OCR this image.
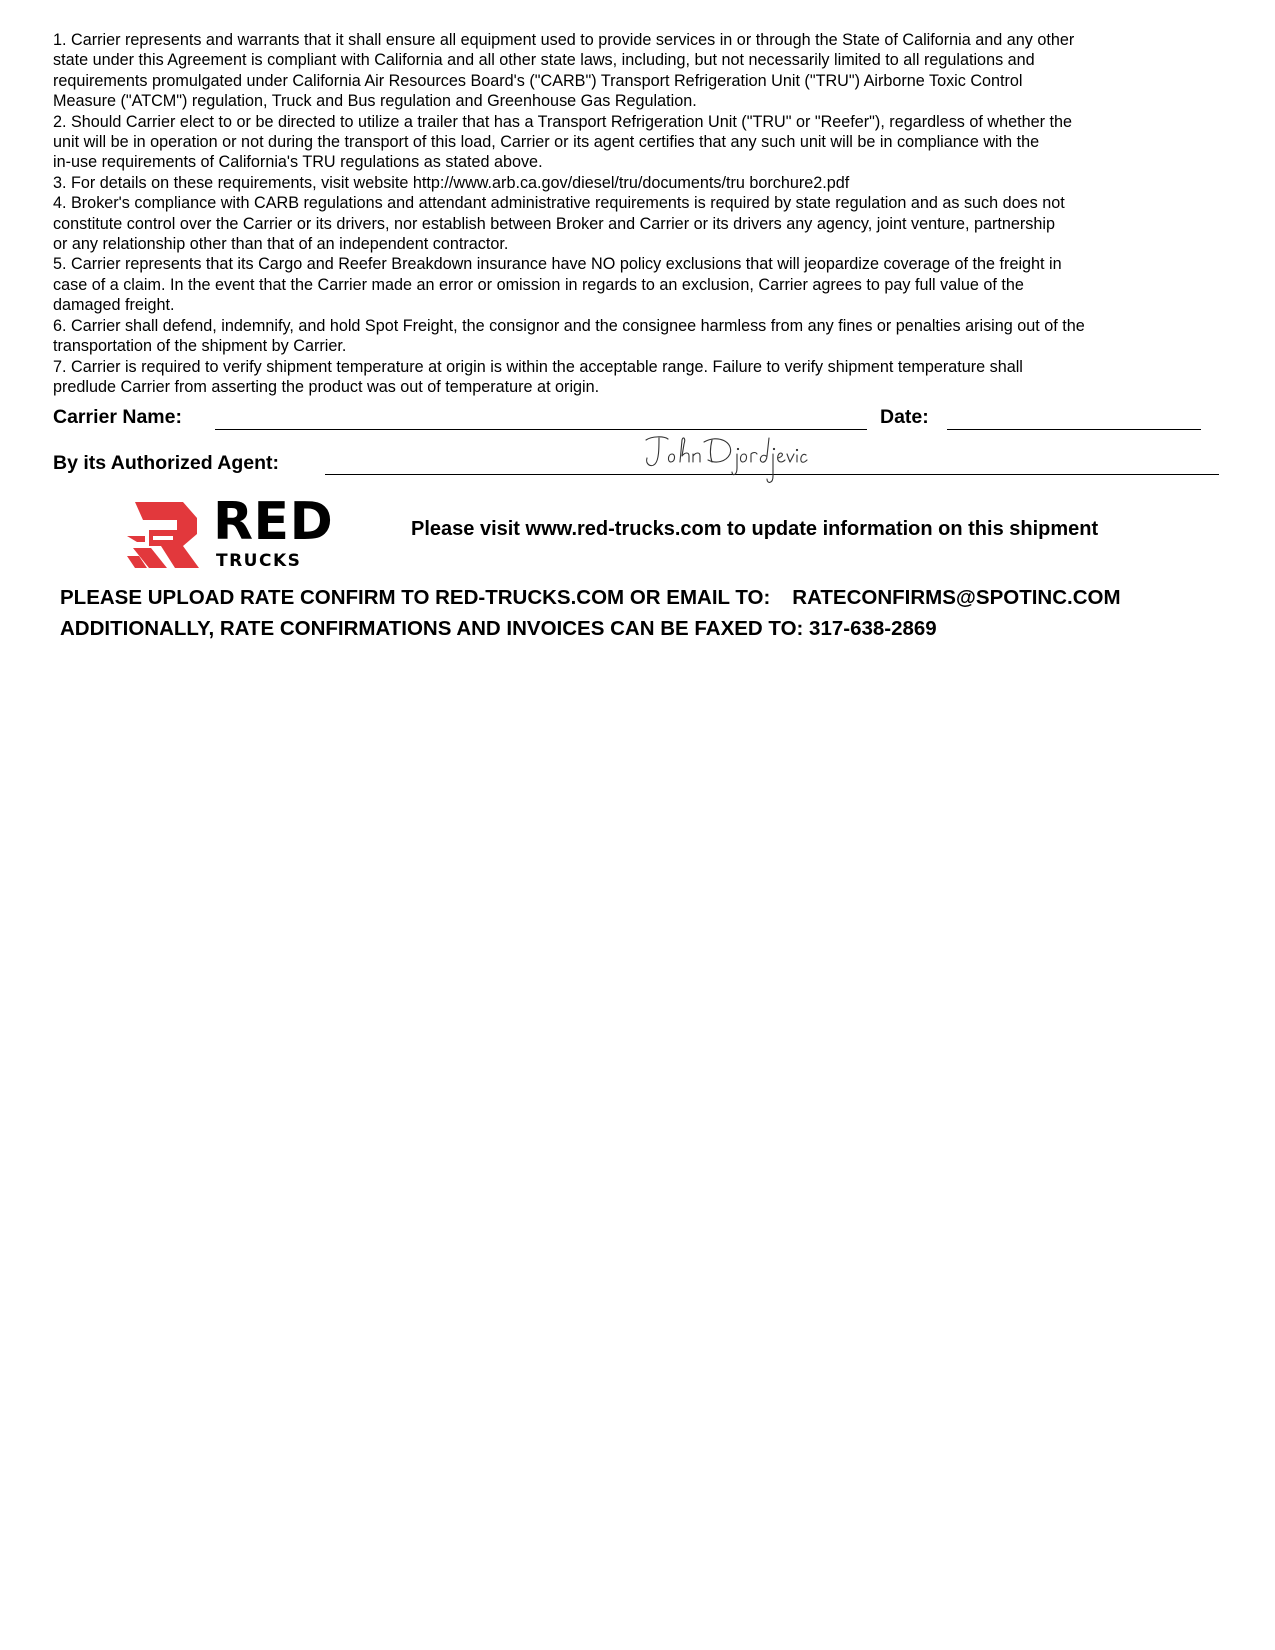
1. Carrier represents and warrants that it shall ensure all equipment used to provide services in or through the State of California and any other
state under this Agreement is compliant with California and all other state laws, including, but not necessarily limited to all regulations and
requirements promulgated under California Air Resources Board's ("CARB") Transport Refrigeration Unit ("TRU") Airborne Toxic Control
Measure ("ATCM") regulation, Truck and Bus regulation and Greenhouse Gas Regulation.
2. Should Carrier elect to or be directed to utilize a trailer that has a Transport Refrigeration Unit ("TRU" or "Reefer"), regardless of whether the
unit will be in operation or not during the transport of this load, Carrier or its agent certifies that any such unit will be in compliance with the
in-use requirements of California's TRU regulations as stated above.
3. For details on these requirements, visit website http://www.arb.ca.gov/diesel/tru/documents/tru borchure2.pdf
4. Broker's compliance with CARB regulations and attendant administrative requirements is required by state regulation and as such does not
constitute control over the Carrier or its drivers, nor establish between Broker and Carrier or its drivers any agency, joint venture, partnership
or any relationship other than that of an independent contractor.
5. Carrier represents that its Cargo and Reefer Breakdown insurance have NO policy exclusions that will jeopardize coverage of the freight in
case of a claim. In the event that the Carrier made an error or omission in regards to an exclusion, Carrier agrees to pay full value of the
damaged freight.
6. Carrier shall defend, indemnify, and hold Spot Freight, the consignor and the consignee harmless from any fines or penalties arising out of the
transportation of the shipment by Carrier.
7. Carrier is required to verify shipment temperature at origin is within the acceptable range. Failure to verify shipment temperature shall
predlude Carrier from asserting the product was out of temperature at origin.
Carrier Name:	Date:
By its Authorized Agent:
RED
TRUCKS
Please visit www.red-trucks.com to update information on this shipment
PLEASE UPLOAD RATE CONFIRM TO RED-TRUCKS.COM OR EMAIL TO: RATECONFIRMS@SPOTINC.COM
ADDITIONALLY, RATE CONFIRMATIONS AND INVOICES CAN BE FAXED TO: 317-638-2869
